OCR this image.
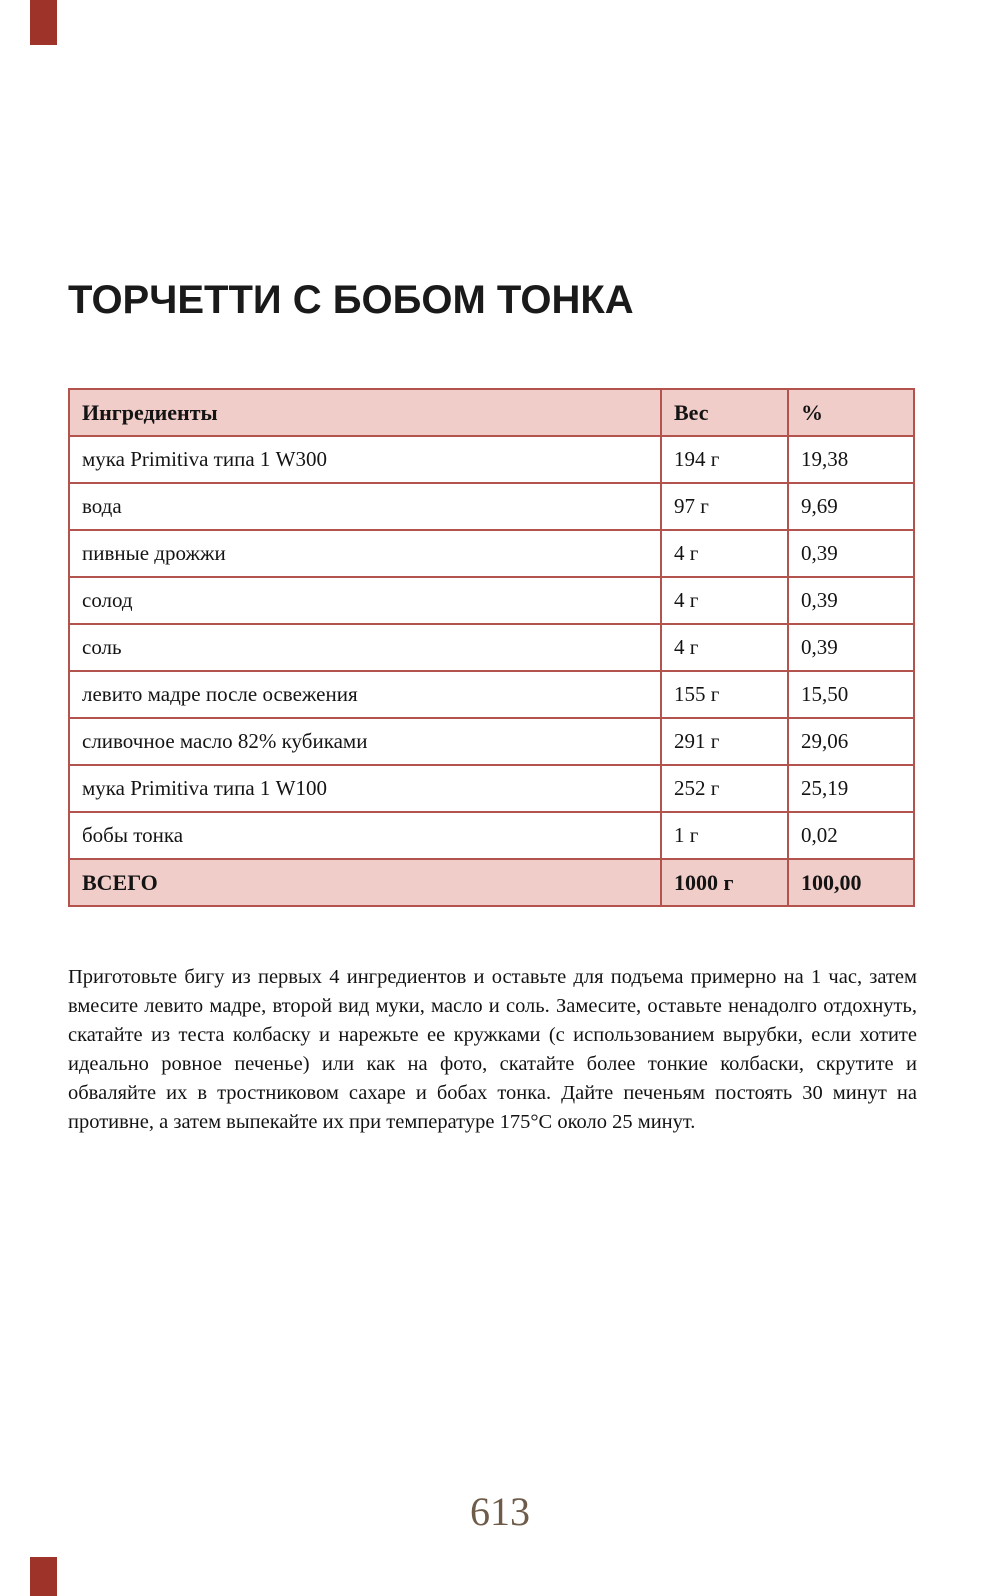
ТОРЧЕТТИ С БОБОМ ТОНКА
Ингредиенты	Вес	%
мука Primitiva типа 1 W300	194 г	19,38
вода	97 г	9,69
пивные дрожжи	4 г	0,39
солод	4 г	0,39
соль	4 г	0,39
левито мадре после освежения	155 г	15,50
сливочное масло 82% кубиками	291 г	29,06
мука Primitiva типа 1 W100	252 г	25,19
бобы тонка	1 г	0,02
ВСЕГО	1000 г	100,00

Приготовьте бигу из первых 4 ингредиентов и оставьте для подъема примерно на 1 час, затем вмесите левито мадре, второй вид муки, масло и соль. Замесите, оставьте ненадолго отдохнуть, скатайте из теста колбаску и нарежьте ее кружками (с использованием вырубки, если хотите идеально ровное печенье) или как на фото, скатайте более тонкие колбаски, скрутите и обваляйте их в тростниковом сахаре и бобах тонка. Дайте печеньям постоять 30 минут на противне, а затем выпекайте их при температуре 175°С около 25 минут.

613
